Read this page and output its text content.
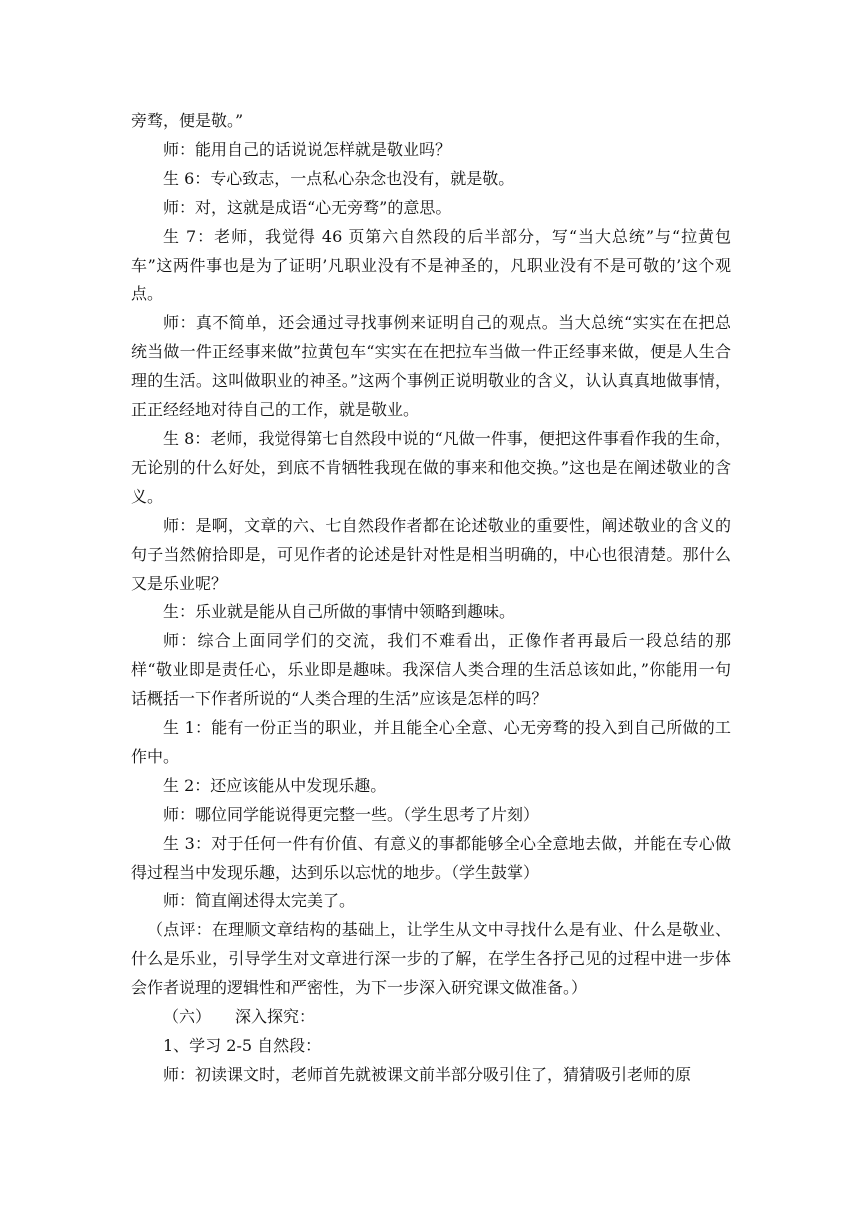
旁骛，便是敬。”

师：能用自己的话说说怎样就是敬业吗？

生 6：专心致志，一点私心杂念也没有，就是敬。

师：对，这就是成语“心无旁骛”的意思。

生 7：老师，我觉得 46 页第六自然段的后半部分，写“当大总统”与“拉黄包车”这两件事也是为了证明’凡职业没有不是神圣的，凡职业没有不是可敬的’这个观点。

师：真不简单，还会通过寻找事例来证明自己的观点。当大总统“实实在在把总统当做一件正经事来做”拉黄包车“实实在在把拉车当做一件正经事来做，便是人生合理的生活。这叫做职业的神圣。”这两个事例正说明敬业的含义，认认真真地做事情，正正经经地对待自己的工作，就是敬业。

生 8：老师，我觉得第七自然段中说的“凡做一件事，便把这件事看作我的生命，无论别的什么好处，到底不肯牺牲我现在做的事来和他交换。”这也是在阐述敬业的含义。

师：是啊，文章的六、七自然段作者都在论述敬业的重要性，阐述敬业的含义的句子当然俯拾即是，可见作者的论述是针对性是相当明确的，中心也很清楚。那什么又是乐业呢？

生：乐业就是能从自己所做的事情中领略到趣味。

师：综合上面同学们的交流，我们不难看出，正像作者再最后一段总结的那样“敬业即是责任心，乐业即是趣味。我深信人类合理的生活总该如此，”你能用一句话概括一下作者所说的“人类合理的生活”应该是怎样的吗？

生 1：能有一份正当的职业，并且能全心全意、心无旁骛的投入到自己所做的工作中。

生 2：还应该能从中发现乐趣。

师：哪位同学能说得更完整一些。（学生思考了片刻）

生 3：对于任何一件有价值、有意义的事都能够全心全意地去做，并能在专心做得过程当中发现乐趣，达到乐以忘忧的地步。（学生鼓掌）

师：简直阐述得太完美了。

（点评：在理顺文章结构的基础上，让学生从文中寻找什么是有业、什么是敬业、什么是乐业，引导学生对文章进行深一步的了解，在学生各抒己见的过程中进一步体会作者说理的逻辑性和严密性，为下一步深入研究课文做准备。）

（六）　　深入探究：

1、学习 2-5 自然段：

师：初读课文时，老师首先就被课文前半部分吸引住了，猜猜吸引老师的原
